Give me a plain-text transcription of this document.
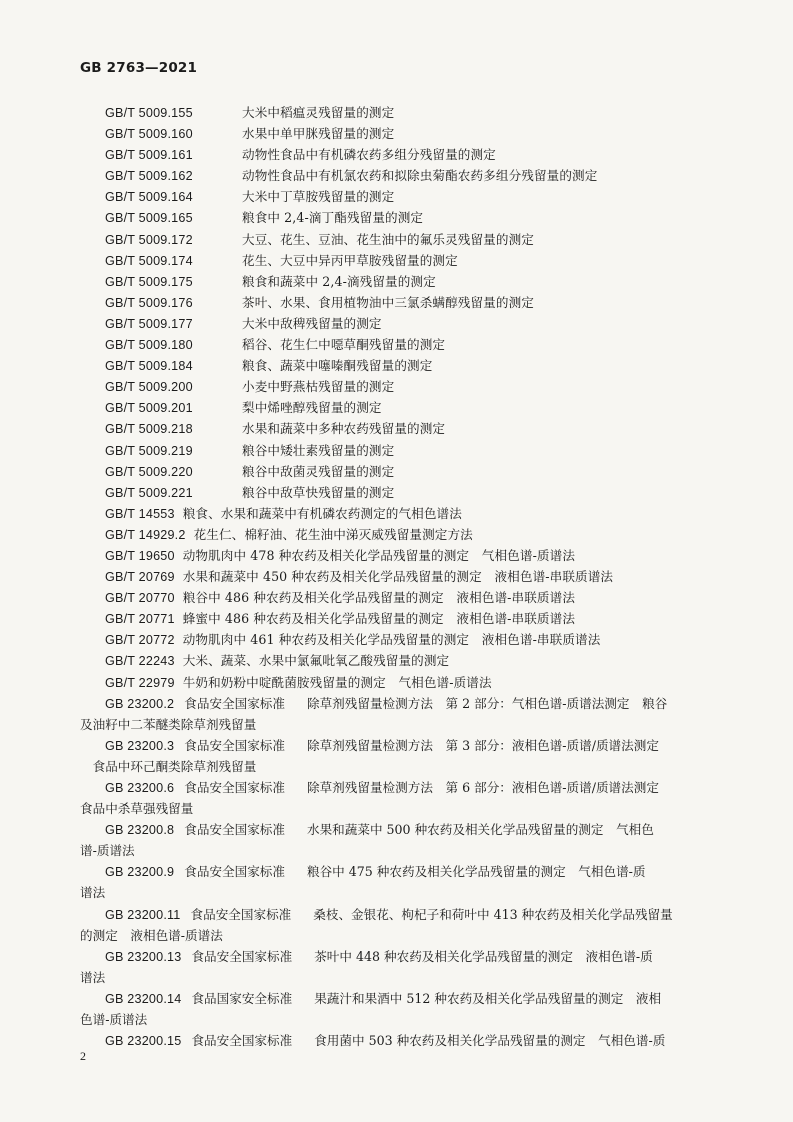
GB 2763—2021
GB/T 5009.155	大米中稻瘟灵残留量的测定
GB/T 5009.160	水果中单甲脒残留量的测定
GB/T 5009.161	动物性食品中有机磷农药多组分残留量的测定
GB/T 5009.162	动物性食品中有机氯农药和拟除虫菊酯农药多组分残留量的测定
GB/T 5009.164	大米中丁草胺残留量的测定
GB/T 5009.165	粮食中 2,4-滴丁酯残留量的测定
GB/T 5009.172	大豆、花生、豆油、花生油中的氟乐灵残留量的测定
GB/T 5009.174	花生、大豆中异丙甲草胺残留量的测定
GB/T 5009.175	粮食和蔬菜中 2,4-滴残留量的测定
GB/T 5009.176	茶叶、水果、食用植物油中三氯杀螨醇残留量的测定
GB/T 5009.177	大米中敌稗残留量的测定
GB/T 5009.180	稻谷、花生仁中噁草酮残留量的测定
GB/T 5009.184	粮食、蔬菜中噻嗪酮残留量的测定
GB/T 5009.200	小麦中野燕枯残留量的测定
GB/T 5009.201	梨中烯唑醇残留量的测定
GB/T 5009.218	水果和蔬菜中多种农药残留量的测定
GB/T 5009.219	粮谷中矮壮素残留量的测定
GB/T 5009.220	粮谷中敌菌灵残留量的测定
GB/T 5009.221	粮谷中敌草快残留量的测定
GB/T 14553 粮食、水果和蔬菜中有机磷农药测定的气相色谱法
GB/T 14929.2 花生仁、棉籽油、花生油中涕灭威残留量测定方法
GB/T 19650 动物肌肉中 478 种农药及相关化学品残留量的测定　气相色谱-质谱法
GB/T 20769 水果和蔬菜中 450 种农药及相关化学品残留量的测定　液相色谱-串联质谱法
GB/T 20770 粮谷中 486 种农药及相关化学品残留量的测定　液相色谱-串联质谱法
GB/T 20771 蜂蜜中 486 种农药及相关化学品残留量的测定　液相色谱-串联质谱法
GB/T 20772 动物肌肉中 461 种农药及相关化学品残留量的测定　液相色谱-串联质谱法
GB/T 22243 大米、蔬菜、水果中氯氟吡氧乙酸残留量的测定
GB/T 22979 牛奶和奶粉中啶酰菌胺残留量的测定　气相色谱-质谱法
GB 23200.2 食品安全国家标准 除草剂残留量检测方法　第 2 部分：气相色谱-质谱法测定　粮谷
及油籽中二苯醚类除草剂残留量
GB 23200.3 食品安全国家标准 除草剂残留量检测方法　第 3 部分：液相色谱-质谱/质谱法测定
　食品中环己酮类除草剂残留量
GB 23200.6 食品安全国家标准 除草剂残留量检测方法　第 6 部分：液相色谱-质谱/质谱法测定
食品中杀草强残留量
GB 23200.8 食品安全国家标准 水果和蔬菜中 500 种农药及相关化学品残留量的测定　气相色
谱-质谱法
GB 23200.9 食品安全国家标准 粮谷中 475 种农药及相关化学品残留量的测定　气相色谱-质
谱法
GB 23200.11 食品安全国家标准 桑枝、金银花、枸杞子和荷叶中 413 种农药及相关化学品残留量
的测定　液相色谱-质谱法
GB 23200.13 食品安全国家标准 茶叶中 448 种农药及相关化学品残留量的测定　液相色谱-质
谱法
GB 23200.14 食品国家安全标准 果蔬汁和果酒中 512 种农药及相关化学品残留量的测定　液相
色谱-质谱法
GB 23200.15 食品安全国家标准 食用菌中 503 种农药及相关化学品残留量的测定　气相色谱-质
2
